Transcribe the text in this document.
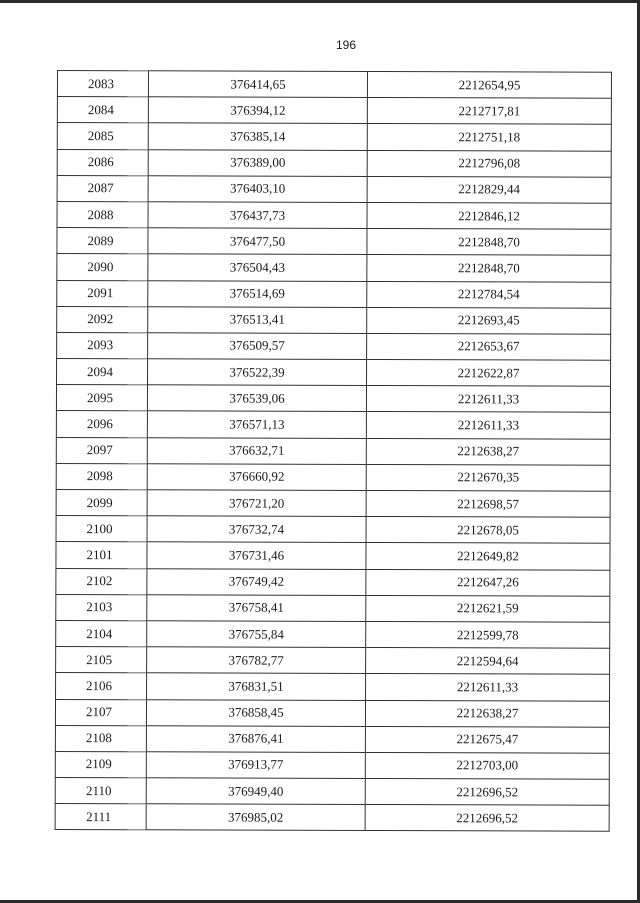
196
2083	376414,65	2212654,95
2084	376394,12	2212717,81
2085	376385,14	2212751,18
2086	376389,00	2212796,08
2087	376403,10	2212829,44
2088	376437,73	2212846,12
2089	376477,50	2212848,70
2090	376504,43	2212848,70
2091	376514,69	2212784,54
2092	376513,41	2212693,45
2093	376509,57	2212653,67
2094	376522,39	2212622,87
2095	376539,06	2212611,33
2096	376571,13	2212611,33
2097	376632,71	2212638,27
2098	376660,92	2212670,35
2099	376721,20	2212698,57
2100	376732,74	2212678,05
2101	376731,46	2212649,82
2102	376749,42	2212647,26
2103	376758,41	2212621,59
2104	376755,84	2212599,78
2105	376782,77	2212594,64
2106	376831,51	2212611,33
2107	376858,45	2212638,27
2108	376876,41	2212675,47
2109	376913,77	2212703,00
2110	376949,40	2212696,52
2111	376985,02	2212696,52
